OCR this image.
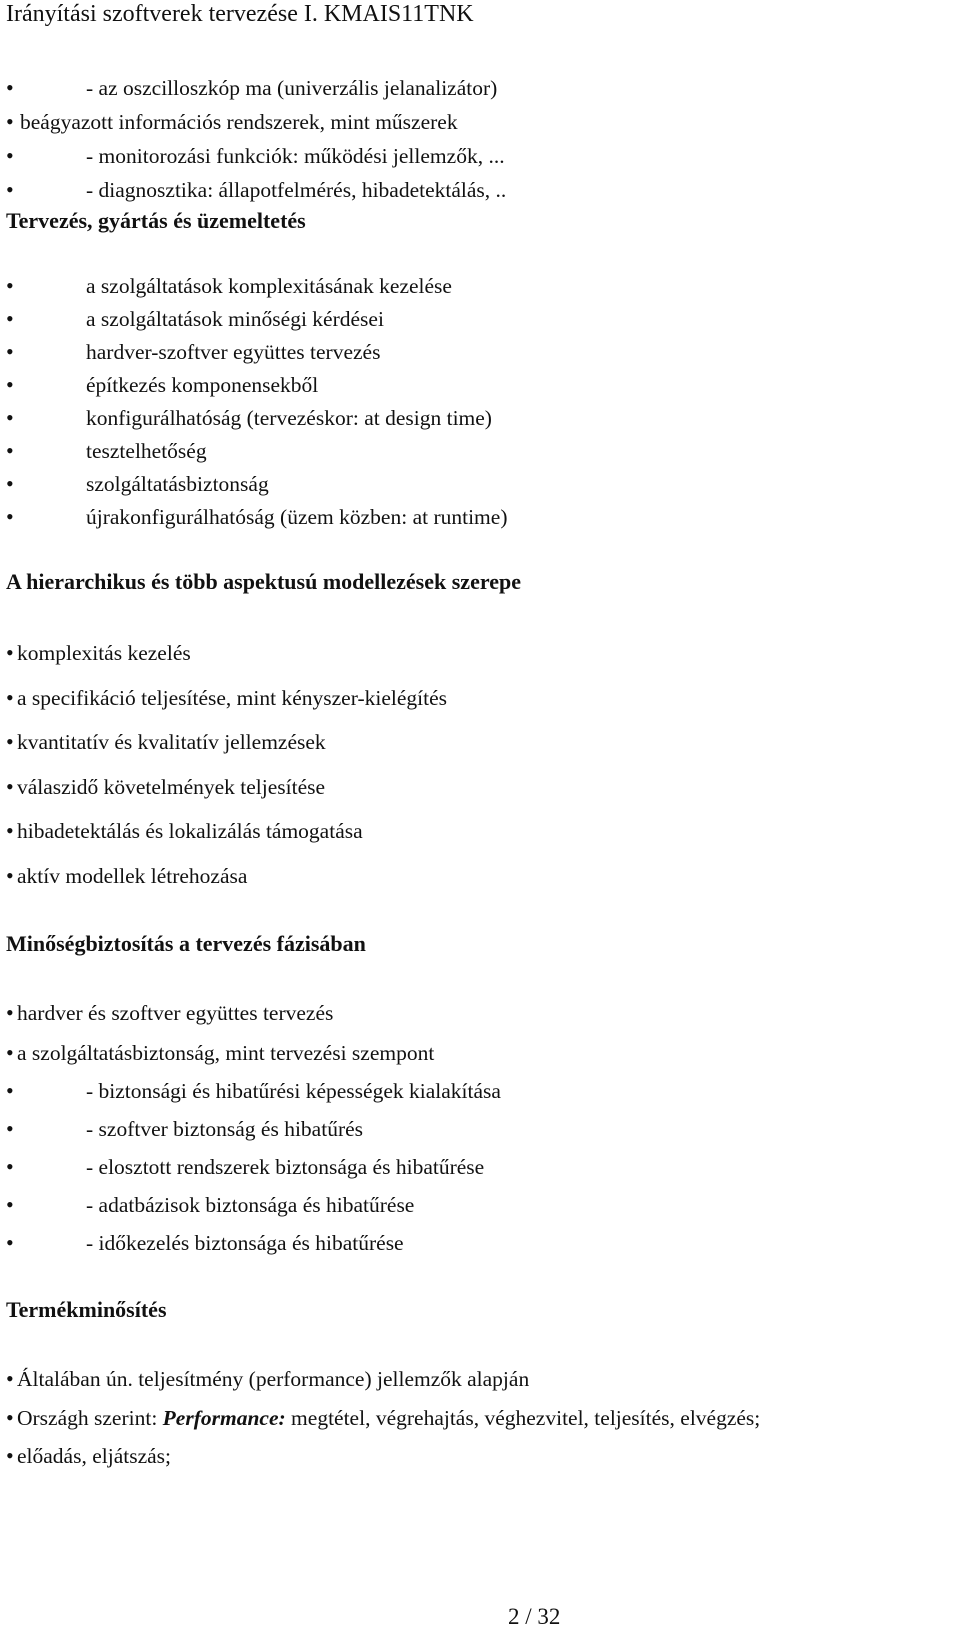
Irányítási szoftverek tervezése I. KMAIS11TNK
•	- az oszcilloszkóp ma (univerzális jelanalizátor)
• beágyazott információs rendszerek, mint műszerek
•	- monitorozási funkciók: működési jellemzők, ...
•	- diagnosztika: állapotfelmérés, hibadetektálás, ..
Tervezés, gyártás és üzemeltetés
•	a szolgáltatások komplexitásának kezelése
•	a szolgáltatások minőségi kérdései
•	hardver-szoftver együttes tervezés
•	építkezés komponensekből
•	konfigurálhatóság (tervezéskor: at design time)
•	tesztelhetőség
•	szolgáltatásbiztonság
•	újrakonfigurálhatóság (üzem közben: at runtime)
A hierarchikus és több aspektusú modellezések szerepe
• komplexitás kezelés
• a specifikáció teljesítése, mint kényszer-kielégítés
• kvantitatív és kvalitatív jellemzések
• válaszidő követelmények teljesítése
• hibadetektálás és lokalizálás támogatása
• aktív modellek létrehozása
Minőségbiztosítás a tervezés fázisában
• hardver és szoftver együttes tervezés
• a szolgáltatásbiztonság, mint tervezési szempont
•	- biztonsági és hibatűrési képességek kialakítása
•	- szoftver biztonság és hibatűrés
•	- elosztott rendszerek biztonsága és hibatűrése
•	- adatbázisok biztonsága és hibatűrése
•	- időkezelés biztonsága és hibatűrése
Termékminősítés
• Általában ún. teljesítmény (performance) jellemzők alapján
• Országh szerint: Performance: megtétel, végrehajtás, véghezvitel, teljesítés, elvégzés;
• előadás, eljátszás;
2 / 32
